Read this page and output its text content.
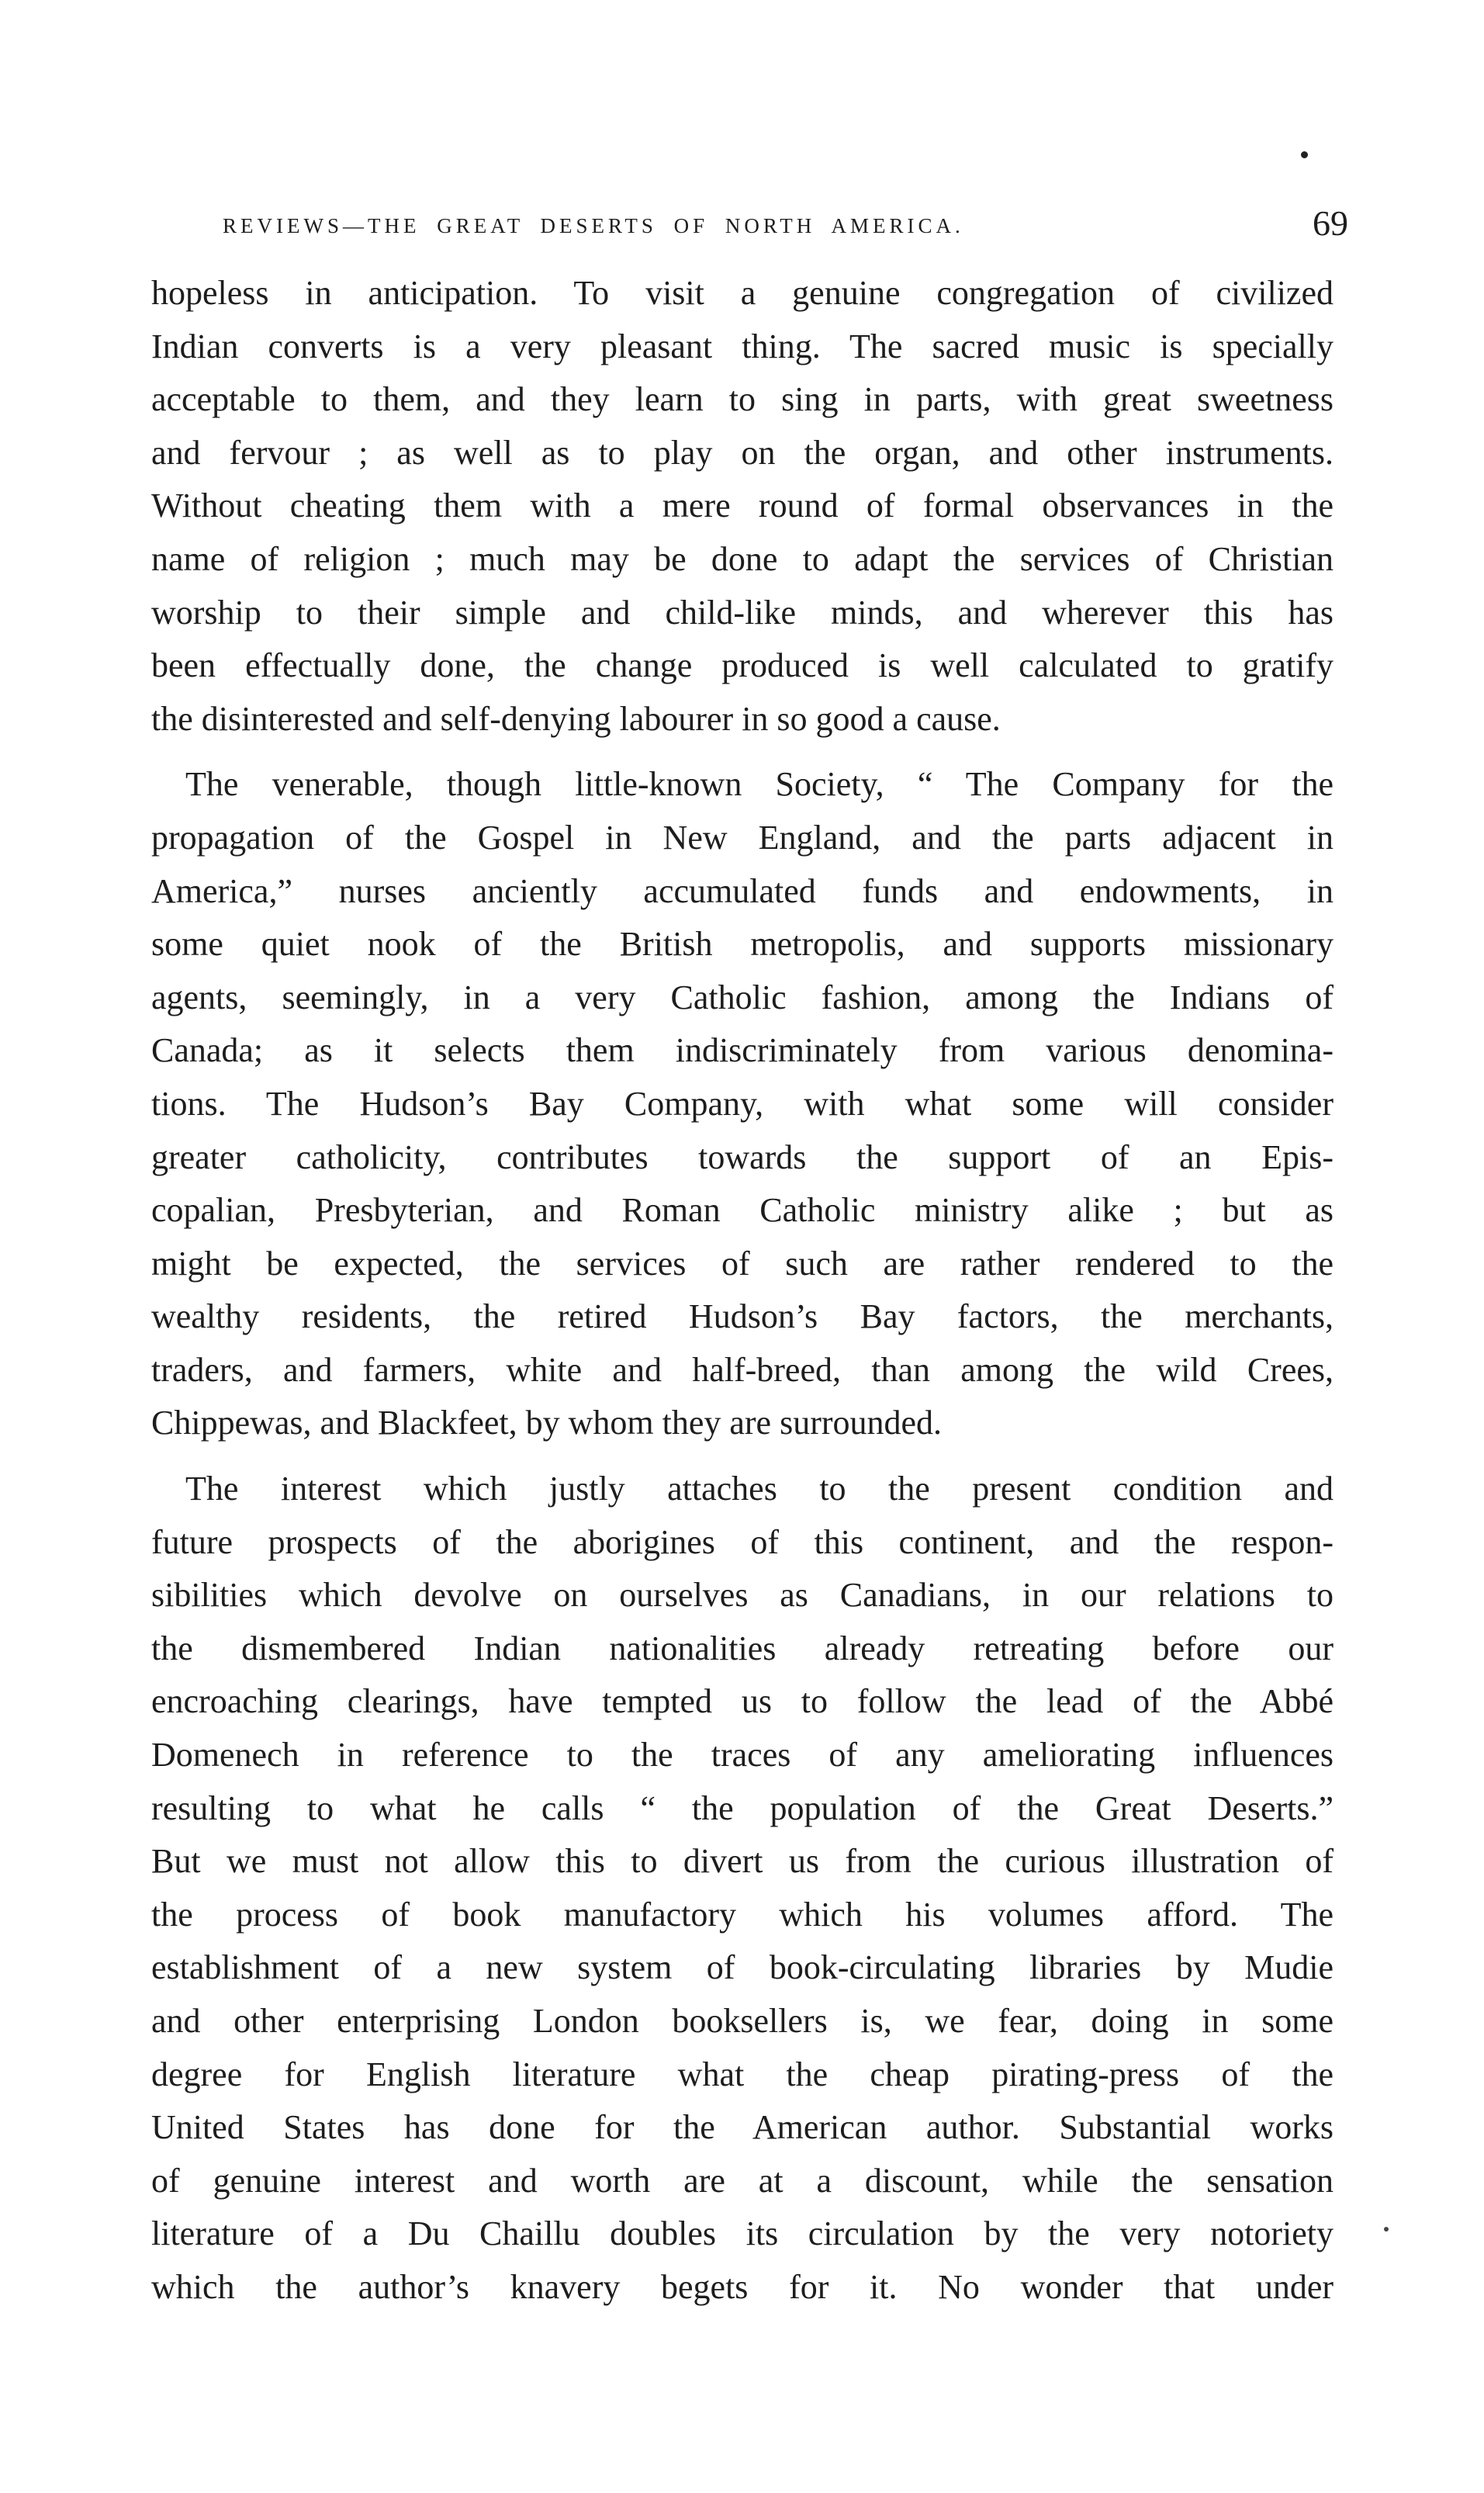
REVIEWS—THE GREAT DESERTS OF NORTH AMERICA.	69
hopeless in anticipation. To visit a genuine congregation of civilized
Indian converts is a very pleasant thing. The sacred music is specially
acceptable to them, and they learn to sing in parts, with great sweetness
and fervour ; as well as to play on the organ, and other instruments.
Without cheating them with a mere round of formal observances in the
name of religion ; much may be done to adapt the services of Christian
worship to their simple and child-like minds, and wherever this has
been effectually done, the change produced is well calculated to gratify
the disinterested and self-denying labourer in so good a cause.
The venerable, though little-known Society, “ The Company for the
propagation of the Gospel in New England, and the parts adjacent in
America,” nurses anciently accumulated funds and endowments, in
some quiet nook of the British metropolis, and supports missionary
agents, seemingly, in a very Catholic fashion, among the Indians of
Canada; as it selects them indiscriminately from various denomina-
tions. The Hudson’s Bay Company, with what some will consider
greater catholicity, contributes towards the support of an Epis-
copalian, Presbyterian, and Roman Catholic ministry alike ; but as
might be expected, the services of such are rather rendered to the
wealthy residents, the retired Hudson’s Bay factors, the merchants,
traders, and farmers, white and half-breed, than among the wild Crees,
Chippewas, and Blackfeet, by whom they are surrounded.
The interest which justly attaches to the present condition and
future prospects of the aborigines of this continent, and the respon-
sibilities which devolve on ourselves as Canadians, in our relations to
the dismembered Indian nationalities already retreating before our
encroaching clearings, have tempted us to follow the lead of the Abbé
Domenech in reference to the traces of any ameliorating influences
resulting to what he calls “ the population of the Great Deserts.”
But we must not allow this to divert us from the curious illustration of
the process of book manufactory which his volumes afford. The
establishment of a new system of book-circulating libraries by Mudie
and other enterprising London booksellers is, we fear, doing in some
degree for English literature what the cheap pirating-press of the
United States has done for the American author. Substantial works
of genuine interest and worth are at a discount, while the sensation
literature of a Du Chaillu doubles its circulation by the very notoriety
which the author’s knavery begets for it. No wonder that under
